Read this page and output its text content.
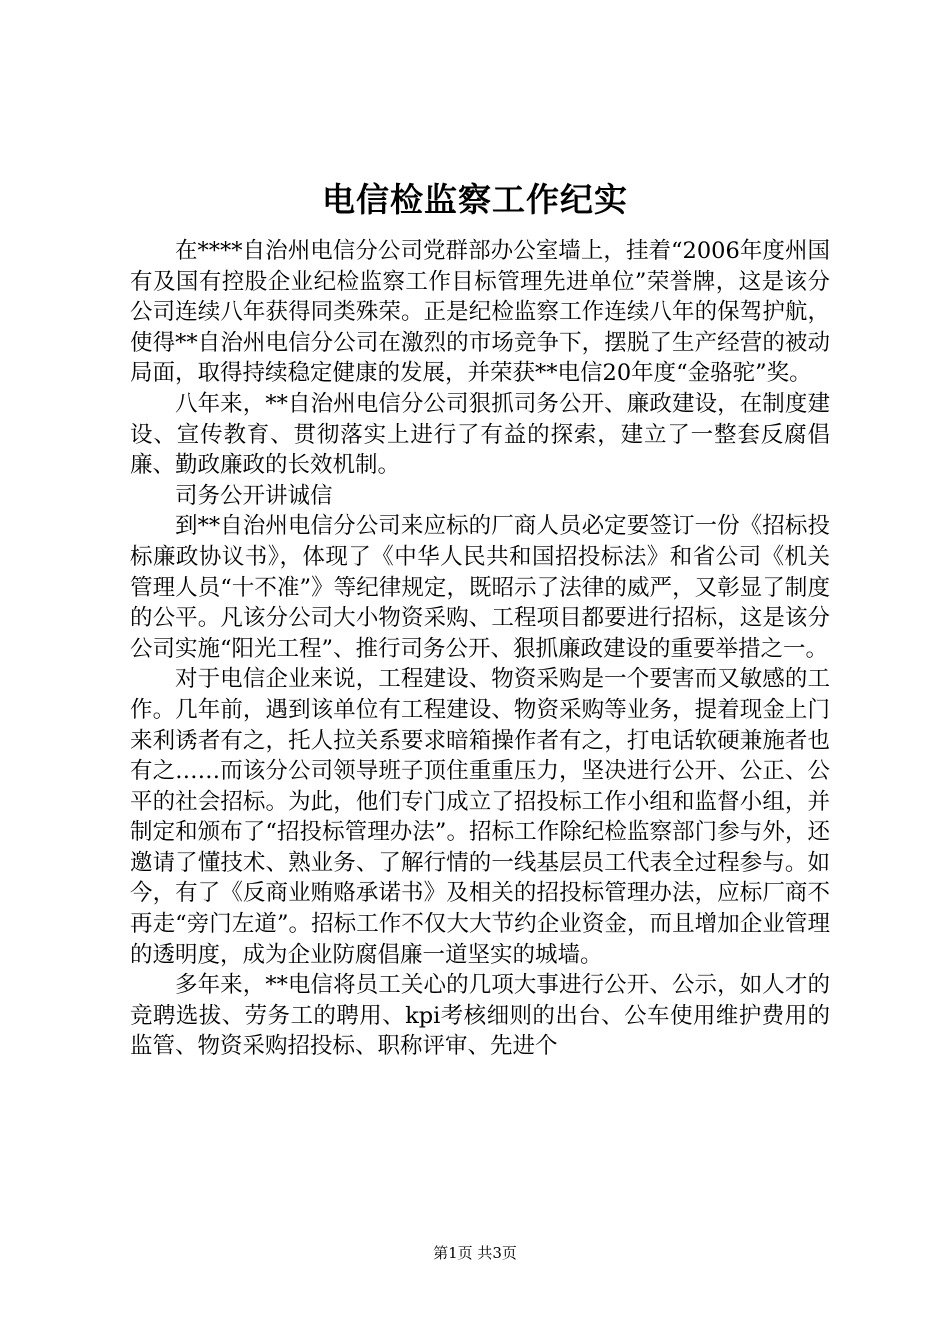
电信检监察工作纪实

在****自治州电信分公司党群部办公室墙上，挂着“2006年度州国有及国有控股企业纪检监察工作目标管理先进单位”荣誉牌，这是该分公司连续八年获得同类殊荣。正是纪检监察工作连续八年的保驾护航，使得**自治州电信分公司在激烈的市场竞争下，摆脱了生产经营的被动局面，取得持续稳定健康的发展，并荣获**电信20年度“金骆驼”奖。

八年来，**自治州电信分公司狠抓司务公开、廉政建设，在制度建设、宣传教育、贯彻落实上进行了有益的探索，建立了一整套反腐倡廉、勤政廉政的长效机制。

司务公开讲诚信

到**自治州电信分公司来应标的厂商人员必定要签订一份《招标投标廉政协议书》，体现了《中华人民共和国招投标法》和省公司《机关管理人员“十不准”》等纪律规定，既昭示了法律的威严，又彰显了制度的公平。凡该分公司大小物资采购、工程项目都要进行招标，这是该分公司实施“阳光工程”、推行司务公开、狠抓廉政建设的重要举措之一。

对于电信企业来说，工程建设、物资采购是一个要害而又敏感的工作。几年前，遇到该单位有工程建设、物资采购等业务，提着现金上门来利诱者有之，托人拉关系要求暗箱操作者有之，打电话软硬兼施者也有之……而该分公司领导班子顶住重重压力，坚决进行公开、公正、公平的社会招标。为此，他们专门成立了招投标工作小组和监督小组，并制定和颁布了“招投标管理办法”。招标工作除纪检监察部门参与外，还邀请了懂技术、熟业务、了解行情的一线基层员工代表全过程参与。如今，有了《反商业贿赂承诺书》及相关的招投标管理办法，应标厂商不再走“旁门左道”。招标工作不仅大大节约企业资金，而且增加企业管理的透明度，成为企业防腐倡廉一道坚实的城墙。

多年来，**电信将员工关心的几项大事进行公开、公示，如人才的竞聘选拔、劳务工的聘用、kpi考核细则的出台、公车使用维护费用的监管、物资采购招投标、职称评审、先进个

第1页 共3页
